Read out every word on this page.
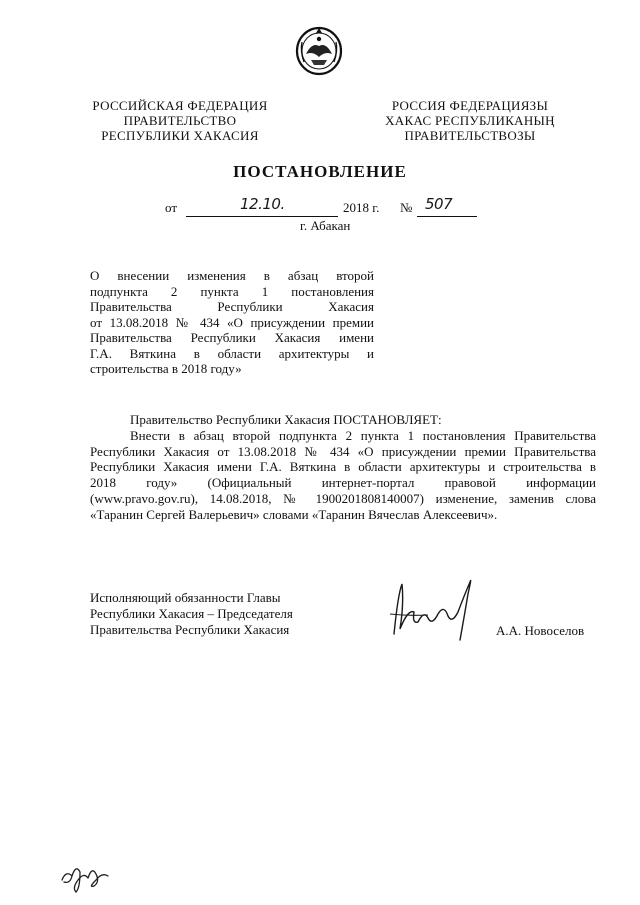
РОССИЙСКАЯ ФЕДЕРАЦИЯ
ПРАВИТЕЛЬСТВО
РЕСПУБЛИКИ ХАКАСИЯ
РОССИЯ ФЕДЕРАЦИЯЗЫ
ХАКАС РЕСПУБЛИКАНЫҢ
ПРАВИТЕЛЬСТВОЗЫ
ПОСТАНОВЛЕНИЕ
от	12.10.	2018 г. № 507
г. Абакан
О внесении изменения в абзац второй
подпункта 2 пункта 1 постановления
Правительства Республики Хакасия
от 13.08.2018 № 434 «О присуждении премии
Правительства Республики Хакасия имени
Г.А. Вяткина в области архитектуры и
строительства в 2018 году»
Правительство Республики Хакасия ПОСТАНОВЛЯЕТ:
Внести в абзац второй подпункта 2 пункта 1 постановления Правительства
Республики Хакасия от 13.08.2018 № 434 «О присуждении премии Правительства
Республики Хакасия имени Г.А. Вяткина в области архитектуры и строительства в
2018 году» (Официальный интернет-портал правовой информации
(www.pravo.gov.ru), 14.08.2018, № 1900201808140007) изменение, заменив слова
«Таранин Сергей Валерьевич» словами «Таранин Вячеслав Алексеевич».
Исполняющий обязанности Главы
Республики Хакасия – Председателя
Правительства Республики Хакасия	А.А. Новоселов
